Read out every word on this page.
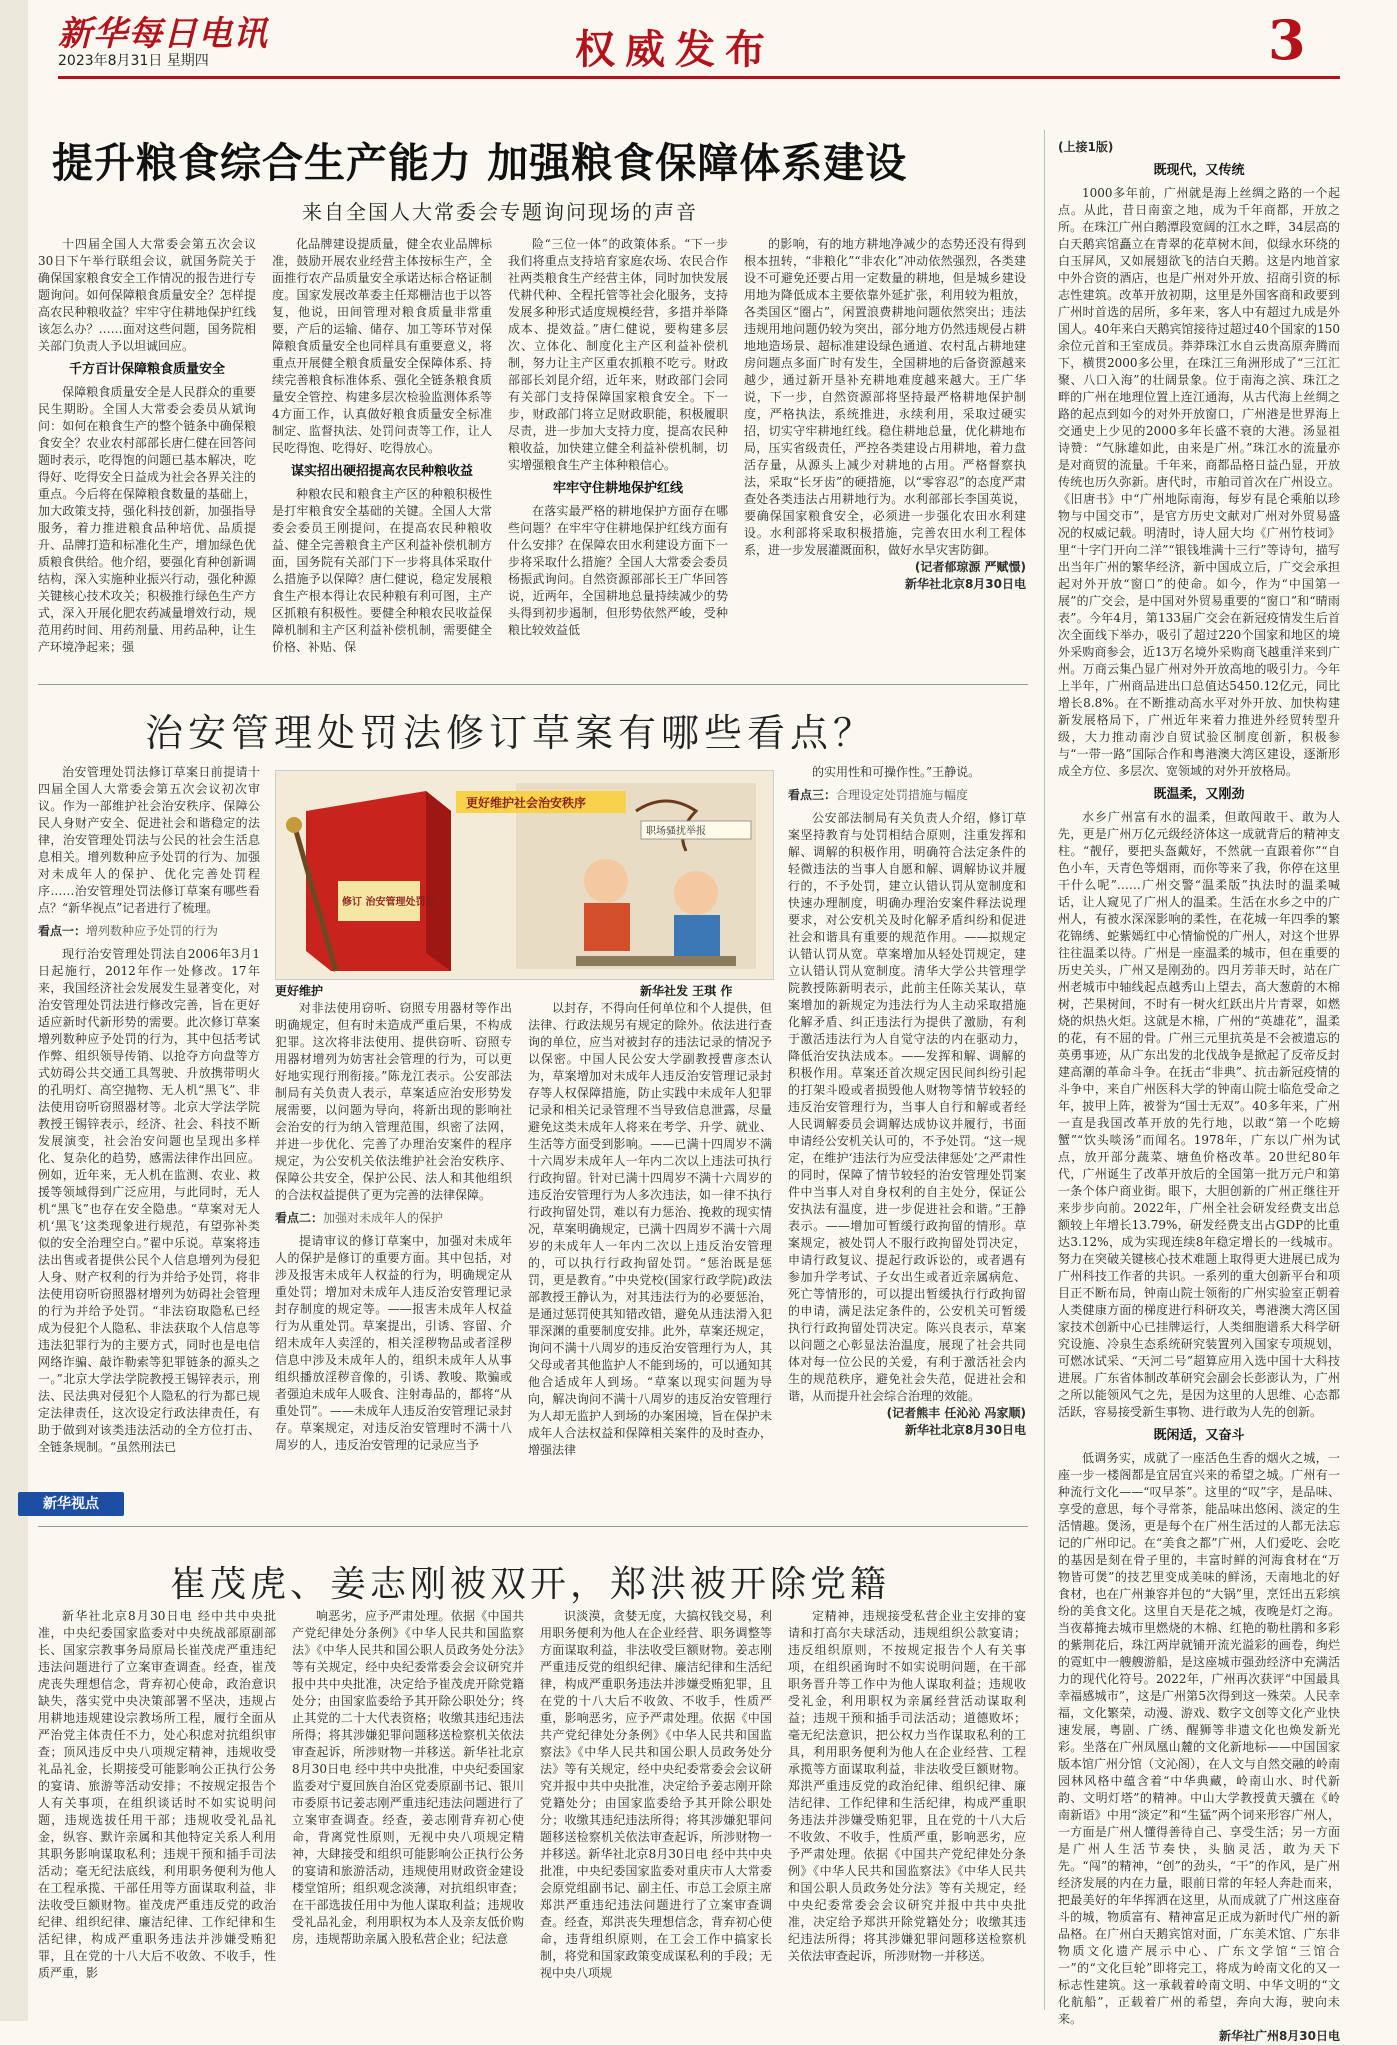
新华每日电讯
2023年8月31日 星期四	权威发布	3
提升粮食综合生产能力 加强粮食保障体系建设
来自全国人大常委会专题询问现场的声音

十四届全国人大常委会第五次会议30日下午举行联组会议，就国务院关于确保国家粮食安全工作情况的报告进行专题询问。如何保障粮食质量安全？怎样提高农民种粮收益？牢牢守住耕地保护红线该怎么办？……面对这些问题，国务院相关部门负责人予以坦诚回应。

千方百计保障粮食质量安全

保障粮食质量安全是人民群众的重要民生期盼。全国人大常委会委员从斌询问：如何在粮食生产的整个链条中确保粮食安全？农业农村部部长唐仁健在回答问题时表示，吃得饱的问题已基本解决，吃得好、吃得安全日益成为社会各界关注的重点。今后将在保障粮食数量的基础上，加大政策支持，强化科技创新，加强指导服务，着力推进粮食品种培优、品质提升、品牌打造和标准化生产，增加绿色优质粮食供给。他介绍，要强化育种创新调结构，深入实施种业振兴行动，强化种源关键核心技术攻关；积极推行绿色生产方式，深入开展化肥农药减量增效行动，规范用药时间、用药剂量、用药品种，让生产环境净起来；强

化品牌建设提质量，健全农业品牌标准，鼓励开展农业经营主体按标生产，全面推行农产品质量安全承诺达标合格证制度。国家发展改革委主任郑栅洁也于以答复，他说，田间管理对粮食质量非常重要，产后的运输、储存、加工等环节对保障粮食质量安全也同样具有重要意义，将重点开展健全粮食质量安全保障体系、持续完善粮食标准体系、强化全链条粮食质量安全管控、构建多层次检验监测体系等4方面工作，认真做好粮食质量安全标准制定、监督执法、处罚问责等工作，让人民吃得饱、吃得好、吃得放心。

谋实招出硬招提高农民种粮收益

种粮农民和粮食主产区的种粮积极性是打牢粮食安全基础的关键。全国人大常委会委员王刚提问，在提高农民种粮收益、健全完善粮食主产区利益补偿机制方面，国务院有关部门下一步将具体采取什么措施予以保障？唐仁健说，稳定发展粮食生产根本得让农民种粮有利可图，主产区抓粮有积极性。要健全种粮农民收益保障机制和主产区利益补偿机制，需要健全价格、补贴、保

险“三位一体”的政策体系。“下一步我们将重点支持培育家庭农场、农民合作社两类粮食生产经营主体，同时加快发展代耕代种、全程托管等社会化服务，支持发展多种形式适度规模经营，多措并举降成本、提效益。”唐仁健说，要构建多层次、立体化、制度化主产区利益补偿机制，努力让主产区重农抓粮不吃亏。财政部部长刘昆介绍，近年来，财政部门会同有关部门支持保障国家粮食安全。下一步，财政部门将立足财政职能，积极履职尽责，进一步加大支持力度，提高农民种粮收益，加快建立健全利益补偿机制，切实增强粮食生产主体种粮信心。

牢牢守住耕地保护红线

在落实最严格的耕地保护方面存在哪些问题？在牢牢守住耕地保护红线方面有什么安排？在保障农田水利建设方面下一步将采取什么措施？全国人大常委会委员杨振武询问。自然资源部部长王广华回答说，近两年，全国耕地总量持续减少的势头得到初步遏制，但形势依然严峻，受种粮比较效益低

的影响，有的地方耕地净减少的态势还没有得到根本扭转，“非粮化”“非农化”冲动依然强烈，各类建设不可避免还要占用一定数量的耕地，但是城乡建设用地为降低成本主要依靠外延扩张，利用较为粗放，各类国区“圈占”，闲置浪费耕地问题依然突出；违法违规用地问题仍较为突出，部分地方仍然违规侵占耕地地造场景、超标准建设绿色通道、农村乱占耕地建房问题点多面广时有发生，全国耕地的后备资源越来越少，通过新开垦补充耕地难度越来越大。王广华说，下一步，自然资源部将坚持最严格耕地保护制度，严格执法，系统推进，永续利用，采取过硬实招，切实守牢耕地红线。稳住耕地总量，优化耕地布局，压实省级责任，严控各类建设占用耕地，着力盘活存量，从源头上减少对耕地的占用。严格督察执法，采取“长牙齿”的硬措施，以“零容忍”的态度严肃查处各类违法占用耕地行为。水利部部长李国英说，要确保国家粮食安全，必须进一步强化农田水利建设。水利部将采取积极措施，完善农田水利工程体系，进一步发展灌溉面积，做好水旱灾害防御。

(记者郁琼源 严赋憬)

新华社北京8月30日电

(上接1版)

既现代，又传统

1000多年前，广州就是海上丝绸之路的一个起点。从此，昔日南蛮之地，成为千年商都，开放之所。在珠江广州白鹅潭段宽阔的江水之畔，34层高的白天鹅宾馆矗立在青翠的花草树木间，似绿水环绕的白玉屏风，又如展翅欲飞的洁白天鹅。这是内地首家中外合资的酒店，也是广州对外开放、招商引资的标志性建筑。改革开放初期，这里是外国客商和政要到广州时首选的居所，多年来，客人中有超过九成是外国人。40年来白天鹅宾馆接待过超过40个国家的150余位元首和王室成员。莽莽珠江水自云贵高原奔腾而下，横贯2000多公里，在珠江三角洲形成了“三江汇聚、八口入海”的壮阔景象。位于南海之滨、珠江之畔的广州在地理位置上连江通海，从古代海上丝绸之路的起点到如今的对外开放窗口，广州港是世界海上交通史上少见的2000多年长盛不衰的大港。汤显祖诗赞：“气脉雄如此，由来是广州。”珠江水的流量亦是对商贸的流量。千年来，商都品格日益凸显，开放传统也历久弥新。唐代时，市舶司首次在广州设立。《旧唐书》中“广州地际南海，每岁有昆仑乘舶以珍物与中国交市”，是官方历史文献对广州对外贸易盛况的权威记载。明清时，诗人屈大均《广州竹枝词》里“十字门开向二洋”“银钱堆满十三行”等诗句，描写出当年广州的繁华经济，新中国成立后，广交会承担起对外开放“窗口”的使命。如今，作为“中国第一展”的广交会，是中国对外贸易重要的“窗口”和“晴雨表”。今年4月，第133届广交会在新冠疫情发生后首次全面线下举办，吸引了超过220个国家和地区的境外采购商参会，近13万名境外采购商飞越重洋来到广州。万商云集凸显广州对外开放高地的吸引力。今年上半年，广州商品进出口总值达5450.12亿元，同比增长8.8%。在不断推动高水平对外开放、加快构建新发展格局下，广州近年来着力推进外经贸转型升级，大力推动南沙自贸试验区制度创新，积极参与“一带一路”国际合作和粤港澳大湾区建设，逐渐形成全方位、多层次、宽领域的对外开放格局。

既温柔，又刚劲

水乡广州富有水的温柔，但敢闯敢干、敢为人先，更是广州万亿元级经济体这一成就背后的精神支柱。“靓仔，要把头盔戴好，不然就一直跟着你”“自色小车，天青色等烟雨，而你等来了我，你停在这里干什么呢”……广州交警“温柔版”执法时的温柔喊话，让人窥见了广州人的温柔。生活在水乡之中的广州人，有被水深深影响的柔性，在花城一年四季的繁花锦绣、蛇紫嫣红中心情愉悦的广州人，对这个世界往往温柔以待。广州是一座温柔的城市，但在重要的历史关头，广州又是刚劲的。四月芳菲天时，站在广州老城市中轴线起点越秀山上望去，高大葱蔚的木棉树，芒果树间，不时有一树火红跃出片片青翠，如燃烧的炽热火炬。这就是木棉，广州的“英雄花”，温柔的花，有不屈的骨。广州三元里抗英是不会被遗忘的英勇事迹，从广东出发的北伐战争是掀起了反帝反封建高潮的革命斗争。在抚击“非典”、抗击新冠疫情的斗争中，来自广州医科大学的钟南山院士临危受命之年，披甲上阵，被誉为“国士无双”。40多年来，广州一直是我国改革开放的先行地，以敢“第一个吃螃蟹”“饮头啖汤”而闻名。1978年，广东以广州为试点，放开部分蔬菜、塘鱼价格改革。20世纪80年代，广州诞生了改革开放后的全国第一批万元户和第一条个体户商业街。眼下，大胆创新的广州正继往开来步步向前。2022年，广州全社会研发经费支出总额较上年增长13.79%，研发经费支出占GDP的比重达3.12%，成为实现连续8年稳定增长的一线城市。努力在突破关键核心技术难题上取得更大进展已成为广州科技工作者的共识。一系列的重大创新平台和项目正不断布局，钟南山院士领衔的广州实验室正朝着人类健康方面的梯度进行科研攻关，粤港澳大湾区国家技术创新中心已挂牌运行，人类细胞谱系大科学研究设施、冷泉生态系统研究装置列入国家专项规划，可燃冰试采、“天河二号”超算应用入选中国十大科技进展。广东省体制改革研究会副会长彭澎认为，广州之所以能领风气之先，是因为这里的人思维、心态都活跃，容易接受新生事物、进行敢为人先的创新。

既闲适，又奋斗

低调务实，成就了一座活色生香的烟火之城，一座一步一楼阁都是宜居宜兴来的希望之城。广州有一种流行文化——“叹早茶”。这里的“叹”字，是品味、享受的意思，每个寻常茶，能品味出悠闲、淡定的生活情趣。煲汤，更是每个在广州生活过的人都无法忘记的广州印记。在“美食之都”广州，人们爱吃、会吃的基因是刻在骨子里的，丰富时鲜的河海食材在“万物皆可煲”的技艺里变成美味的鲜汤，天南地北的好食材，也在广州兼容并包的“大锅”里，烹饪出五彩缤纷的美食文化。这里自天是花之城，夜晚是灯之海。当夜幕掩去城市里燃烧的木棉、红艳的勒杜鹃和多彩的紫荆花后，珠江两岸就铺开流光溢彩的画卷，绚烂的霓虹中一艘艘游船，是这座城市强劲经济中充满活力的现代化符号。2022年，广州再次获评“中国最具幸福感城市”，这是广州第5次得到这一殊荣。人民幸福，文化繁荣，动漫、游戏、数字文创等文化产业快速发展，粤剧、广绣、醒狮等非遗文化也焕发新光彩。坐落在广州凤凰山麓的文化新地标——中国国家版本馆广州分馆（文沁阁），在人文与自然交融的岭南园林风格中蕴含着“中华典藏，岭南山水、时代新韵、文明灯塔”的精神。中山大学教授黄天骥在《岭南新语》中用“淡定”和“生猛”两个词来形容广州人，一方面是广州人懂得善待自己、享受生活；另一方面是广州人生活节奏快，头脑灵活，敢为天下先。“闯”的精神，“创”的劲头，“干”的作风，是广州经济发展的内在力量，眼前日常的年轻人奔赴而来，把最美好的年华挥洒在这里，从而成就了广州这座奋斗的城，物质富有、精神富足正成为新时代广州的新品格。在广州白天鹅宾馆对面，广东美术馆、广东非物质文化遗产展示中心、广东文学馆“三馆合一”的“文化巨轮”即将完工，将成为岭南文化的又一标志性建筑。这一承载着岭南文明、中华文明的“文化航船”，正载着广州的希望，奔向大海，驶向未来。

新华社广州8月30日电

治安管理处罚法修订草案有哪些看点？

治安管理处罚法修订草案日前提请十四届全国人大常委会第五次会议初次审议。作为一部维护社会治安秩序、保障公民人身财产安全、促进社会和谐稳定的法律，治安管理处罚法与公民的社会生活息息相关。增列数种应予处罚的行为、加强对未成年人的保护、优化完善处罚程序……治安管理处罚法修订草案有哪些看点？“新华视点”记者进行了梳理。

看点一：增列数种应予处罚的行为

现行治安管理处罚法自2006年3月1日起施行，2012年作一处修改。17年来，我国经济社会发展发生显著变化，对治安管理处罚法进行修改完善，旨在更好适应新时代新形势的需要。此次修订草案增列数种应予处罚的行为，其中包括考试作弊、组织领导传销、以抢夺方向盘等方式妨碍公共交通工具驾驶、升放携带明火的孔明灯、高空抛物、无人机“黑飞”、非法使用窃听窃照器材等。北京大学法学院教授王锡锌表示，经济、社会、科技不断发展演变，社会治安问题也呈现出多样化、复杂化的趋势，感需法律作出回应。例如，近年来，无人机在监测、农业、救援等领域得到广泛应用，与此同时，无人机“黑飞”也存在安全隐患。“草案对无人机‘黑飞’这类现象进行规范，有望弥补类似的安全治理空白。”翟中乐说。草案将违法出售或者提供公民个人信息增列为侵犯人身、财产权利的行为并给予处罚，将非法使用窃听窃照器材增列为妨碍社会管理的行为并给予处罚。“非法窃取隐私已经成为侵犯个人隐私、非法获取个人信息等违法犯罪行为的主要方式，同时也是电信网络诈骗、敲诈勒索等犯罪链条的源头之一。”北京大学法学院教授王锡锌表示，刑法、民法典对侵犯个人隐私的行为都已规定法律责任，这次设定行政法律责任，有助于做到对该类违法活动的全方位打击、全链条规制。“虽然刑法已

更好维护社会治安秩序
修订 治安管理处罚法
职场骚扰举报
更好维护	新华社发 王琪 作

对非法使用窃听、窃照专用器材等作出明确规定，但有时未造成严重后果，不构成犯罪。这次将非法使用、提供窃听、窃照专用器材增列为妨害社会管理的行为，可以更好地实现行刑衔接。”陈龙江表示。公安部法制局有关负责人表示，草案适应治安形势发展需要，以问题为导向，将新出现的影响社会治安的行为纳入管理范围，织密了法网，并进一步优化、完善了办理治安案件的程序规定，为公安机关依法维护社会治安秩序、保障公共安全，保护公民、法人和其他组织的合法权益提供了更为完善的法律保障。

看点二：加强对未成年人的保护

提请审议的修订草案中，加强对未成年人的保护是修订的重要方面。其中包括，对涉及报害未成年人权益的行为，明确规定从重处罚；增加对未成年人违反治安管理记录封存制度的规定等。——报害未成年人权益行为从重处罚。草案提出，引诱、容留、介绍未成年人卖淫的，相关淫秽物品或者淫秽信息中涉及未成年人的，组织未成年人从事组织播放淫秽音像的，引诱、教唆、欺骗或者强迫未成年人吸食、注射毒品的，都将“从重处罚”。——未成年人违反治安管理记录封存。草案规定，对违反治安管理时不满十八周岁的人，违反治安管理的记录应当予

以封存，不得向任何单位和个人提供，但法律、行政法规另有规定的除外。依法进行查询的单位，应当对被封存的违法记录的情况予以保密。中国人民公安大学副教授曹彦杰认为，草案增加对未成年人违反治安管理记录封存等人权保障措施，防止实践中未成年人犯罪记录和相关记录管理不当导致信息泄露，尽量避免这类未成年人将来在考学、升学、就业、生活等方面受到影响。——已满十四周岁不满十六周岁未成年人一年内二次以上违法可执行行政拘留。针对已满十四周岁不满十六周岁的违反治安管理行为人多次违法，如一律不执行行政拘留处罚，难以有力惩治、挽救的现实情况，草案明确规定，已满十四周岁不满十六周岁的未成年人一年内二次以上违反治安管理的，可以执行行政拘留处罚。“惩治既是惩罚，更是教育。”中央党校(国家行政学院)政法部教授王静认为，对其违法行为的必要惩治，是通过惩罚使其知错改错，避免从违法滑入犯罪深渊的重要制度安排。此外，草案还规定，询问不满十八周岁的违反治安管理行为人，其父母或者其他监护人不能到场的，可以通知其他合适成年人到场。“草案以现实问题为导向，解决询问不满十八周岁的违反治安管理行为人却无监护人到场的办案困境，旨在保护未成年人合法权益和保障相关案件的及时查办，增强法律

的实用性和可操作性。”王静说。

看点三：合理设定处罚措施与幅度

公安部法制局有关负责人介绍，修订草案坚持教育与处罚相结合原则，注重发挥和解、调解的积极作用，明确符合法定条件的轻微违法的当事人自愿和解、调解协议并履行的，不予处罚，建立认错认罚从宽制度和快速办理制度，明确办理治安案件释法说理要求，对公安机关及时化解矛盾纠纷和促进社会和谐具有重要的规范作用。——拟规定认错认罚从宽。草案增加从轻处罚规定，建立认错认罚从宽制度。清华大学公共管理学院教授陈新明表示，此前主任陈关某认，草案增加的新规定为违法行为人主动采取措施化解矛盾、纠正违法行为提供了激励，有利于激活违法行为人自觉守法的内在驱动力，降低治安执法成本。——发挥和解、调解的积极作用。草案还首次规定因民间纠纷引起的打架斗殴或者损毁他人财物等情节较轻的违反治安管理行为，当事人自行和解或者经人民调解委员会调解达成协议并履行，书面申请经公安机关认可的，不予处罚。“这一规定，在维护‘违法行为应受法律惩处’之严肃性的同时，保障了情节较轻的治安管理处罚案件中当事人对自身权利的自主处分，保证公安执法有温度，进一步促进社会和谐。”王静表示。——增加可暂缓行政拘留的情形。草案规定，被处罚人不服行政拘留处罚决定，申请行政复议、提起行政诉讼的，或者遇有参加升学考试、子女出生或者近亲属病危、死亡等情形的，可以提出暂缓执行行政拘留的申请，满足法定条件的，公安机关可暂缓执行行政拘留处罚决定。陈兴良表示，草案以问题之心彰显法治温度，展现了社会共同体对每一位公民的关爱，有利于激活社会内生的规范秩序，避免社会失范，促进社会和谐，从而提升社会综合治理的效能。

(记者熊丰 任沁沁 冯家顺)

新华社北京8月30日电

新华视点
崔茂虎、姜志刚被双开，郑洪被开除党籍

新华社北京8月30日电 经中共中央批准，中央纪委国家监委对中央统战部原副部长、国家宗教事务局原局长崔茂虎严重违纪违法问题进行了立案审查调查。经查，崔茂虎丧失理想信念，背弃初心使命，政治意识缺失，落实党中央决策部署不坚决，违规占用耕地违规建设宗教场所工程，履行全面从严治党主体责任不力，处心积虑对抗组织审查；顶风违反中央八项规定精神，违规收受礼品礼金，长期接受可能影响公正执行公务的宴请、旅游等活动安排；不按规定报告个人有关事项，在组织谈话时不如实说明问题，违规选拔任用干部；违规收受礼品礼金，纵容、默许亲属和其他特定关系人利用其职务影响谋取私利；违规干预和插手司法活动；毫无纪法底线，利用职务便利为他人在工程承揽、干部任用等方面谋取利益，非法收受巨额财物。崔茂虎严重违反党的政治纪律、组织纪律、廉洁纪律、工作纪律和生活纪律，构成严重职务违法并涉嫌受贿犯罪，且在党的十八大后不收敛、不收手，性质严重，影

响恶劣，应予严肃处理。依据《中国共产党纪律处分条例》《中华人民共和国监察法》《中华人民共和国公职人员政务处分法》等有关规定，经中央纪委常委会会议研究并报中共中央批准，决定给予崔茂虎开除党籍处分；由国家监委给予其开除公职处分；终止其党的二十大代表资格；收缴其违纪违法所得；将其涉嫌犯罪问题移送检察机关依法审查起诉，所涉财物一并移送。新华社北京8月30日电 经中共中央批准，中央纪委国家监委对宁夏回族自治区党委原副书记、银川市委原书记姜志刚严重违纪违法问题进行了立案审查调查。经查，姜志刚背弃初心使命，背离党性原则，无视中央八项规定精神，大肆接受和组织可能影响公正执行公务的宴请和旅游活动，违规使用财政资金建设楼堂馆所；组织观念淡薄，对抗组织审查；在干部选拔任用中为他人谋取利益；违规收受礼品礼金，利用职权为本人及亲友低价购房，违规帮助亲属入股私营企业；纪法意

识淡漠，贪婪无度，大搞权钱交易，利用职务便利为他人在企业经营、职务调整等方面谋取利益，非法收受巨额财物。姜志刚严重违反党的组织纪律、廉洁纪律和生活纪律，构成严重职务违法并涉嫌受贿犯罪，且在党的十八大后不收敛、不收手，性质严重，影响恶劣，应予严肃处理。依据《中国共产党纪律处分条例》《中华人民共和国监察法》《中华人民共和国公职人员政务处分法》等有关规定，经中央纪委常委会会议研究并报中共中央批准，决定给予姜志刚开除党籍处分；由国家监委给予其开除公职处分；收缴其违纪违法所得；将其涉嫌犯罪问题移送检察机关依法审查起诉，所涉财物一并移送。新华社北京8月30日电 经中共中央批准，中央纪委国家监委对重庆市人大常委会原党组副书记、副主任、市总工会原主席郑洪严重违纪违法问题进行了立案审查调查。经查，郑洪丧失理想信念，背弃初心使命，违背组织原则，在工会工作中搞家长制，将党和国家政策变成谋私利的手段；无视中央八项规

定精神，违规接受私营企业主安排的宴请和打高尔夫球活动，违规组织公款宴请；违反组织原则，不按规定报告个人有关事项，在组织函询时不如实说明问题，在干部职务晋升等工作中为他人谋取利益；违规收受礼金，利用职权为亲属经营活动谋取利益；违规干预和插手司法活动；道德败坏；毫无纪法意识，把公权力当作谋取私利的工具，利用职务便利为他人在企业经营、工程承揽等方面谋取利益，非法收受巨额财物。郑洪严重违反党的政治纪律、组织纪律、廉洁纪律、工作纪律和生活纪律，构成严重职务违法并涉嫌受贿犯罪，且在党的十八大后不收敛、不收手，性质严重，影响恶劣，应予严肃处理。依据《中国共产党纪律处分条例》《中华人民共和国监察法》《中华人民共和国公职人员政务处分法》等有关规定，经中央纪委常委会会议研究并报中共中央批准，决定给予郑洪开除党籍处分；收缴其违纪违法所得；将其涉嫌犯罪问题移送检察机关依法审查起诉，所涉财物一并移送。
